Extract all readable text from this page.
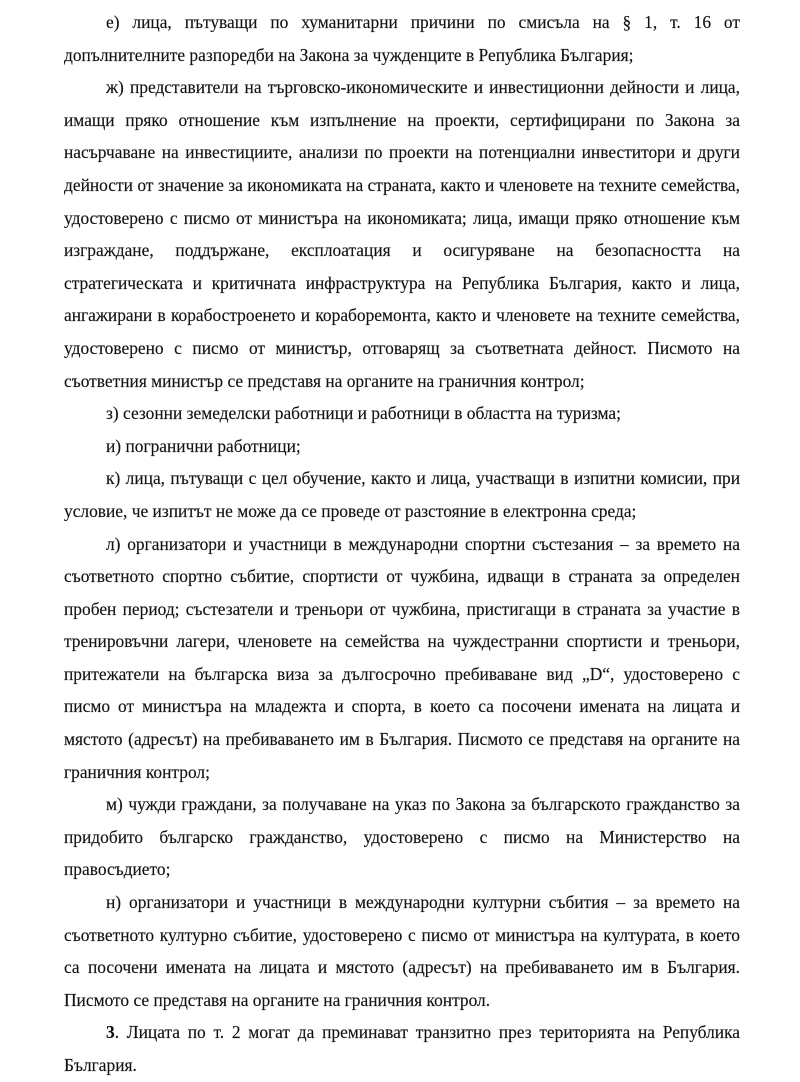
е) лица, пътуващи по хуманитарни причини по смисъла на § 1, т. 16 от допълнителните разпоредби на Закона за чужденците в Република България;

ж) представители на търговско-икономическите и инвестиционни дейности и лица, имащи пряко отношение към изпълнение на проекти, сертифицирани по Закона за насърчаване на инвестициите, анализи по проекти на потенциални инвеститори и други дейности от значение за икономиката на страната, както и членовете на техните семейства, удостоверено с писмо от министъра на икономиката; лица, имащи пряко отношение към изграждане, поддържане, експлоатация и осигуряване на безопасността на стратегическата и критичната инфраструктура на Република България, както и лица, ангажирани в корабостроенето и кораборемонта, както и членовете на техните семейства, удостоверено с писмо от министър, отговарящ за съответната дейност. Писмото на съответния министър се представя на органите на граничния контрол;

з) сезонни земеделски работници и работници в областта на туризма;

и) погранични работници;

к) лица, пътуващи с цел обучение, както и лица, участващи в изпитни комисии, при условие, че изпитът не може да се проведе от разстояние в електронна среда;

л) организатори и участници в международни спортни състезания – за времето на съответното спортно събитие, спортисти от чужбина, идващи в страната за определен пробен период; състезатели и треньори от чужбина, пристигащи в страната за участие в тренировъчни лагери, членовете на семейства на чуждестранни спортисти и треньори, притежатели на българска виза за дългосрочно пребиваване вид „D“, удостоверено с писмо от министъра на младежта и спорта, в което са посочени имената на лицата и мястото (адресът) на пребиваването им в България. Писмото се представя на органите на граничния контрол;

м) чужди граждани, за получаване на указ по Закона за българското гражданство за придобито българско гражданство, удостоверено с писмо на Министерство на правосъдието;

н) организатори и участници в международни културни събития – за времето на съответното културно събитие, удостоверено с писмо от министъра на културата, в което са посочени имената на лицата и мястото (адресът) на пребиваването им в България. Писмото се представя на органите на граничния контрол.

3. Лицата по т. 2 могат да преминават транзитно през територията на Република България.
